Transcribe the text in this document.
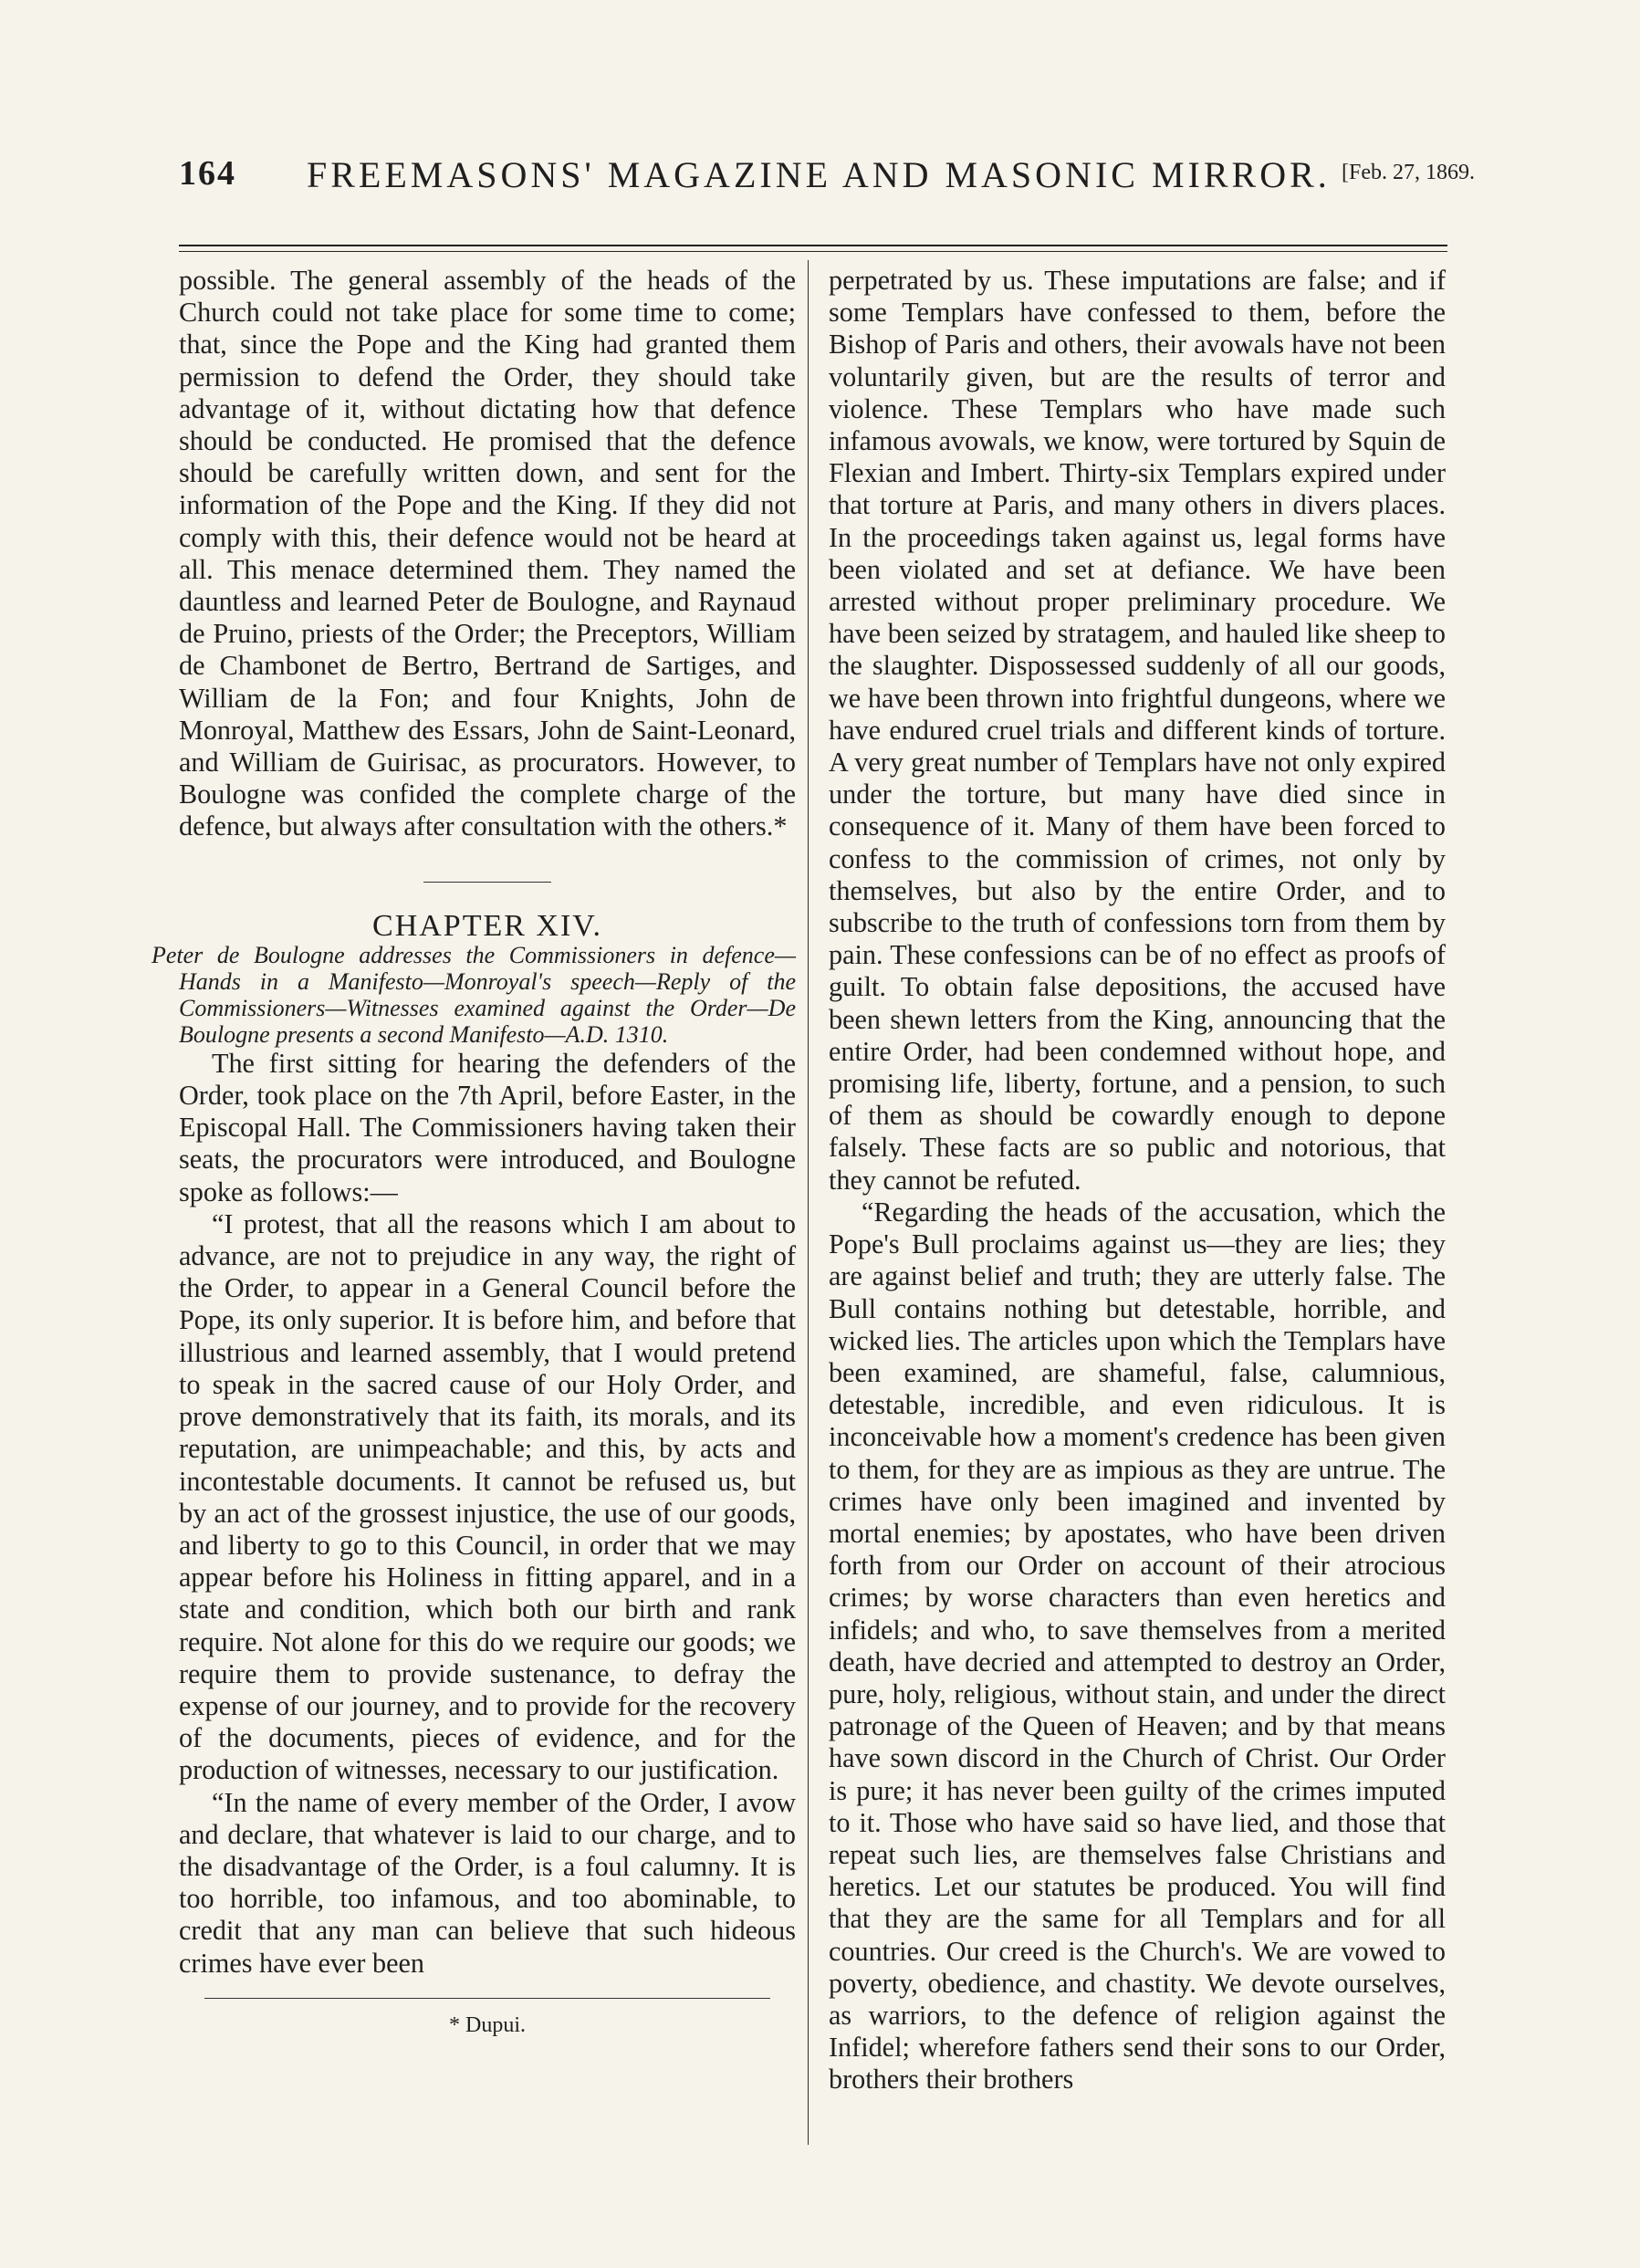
164 FREEMASONS' MAGAZINE AND MASONIC MIRROR. [Feb. 27, 1869.

possible. The general assembly of the heads of the Church could not take place for some time to come; that, since the Pope and the King had granted them permission to defend the Order, they should take advantage of it, without dictating how that defence should be conducted. He promised that the defence should be carefully written down, and sent for the information of the Pope and the King. If they did not comply with this, their defence would not be heard at all. This menace determined them. They named the dauntless and learned Peter de Boulogne, and Raynaud de Pruino, priests of the Order; the Preceptors, William de Chambonet de Bertro, Bertrand de Sartiges, and William de la Fon; and four Knights, John de Monroyal, Matthew des Essars, John de Saint-Leonard, and William de Guirisac, as procurators. However, to Boulogne was confided the complete charge of the defence, but always after consultation with the others.*

CHAPTER XIV.

Peter de Boulogne addresses the Commissioners in defence—Hands in a Manifesto—Monroyal's speech—Reply of the Commissioners—Witnesses examined against the Order—De Boulogne presents a second Manifesto—A.D. 1310.

The first sitting for hearing the defenders of the Order, took place on the 7th April, before Easter, in the Episcopal Hall. The Commissioners having taken their seats, the procurators were introduced, and Boulogne spoke as follows:—

“I protest, that all the reasons which I am about to advance, are not to prejudice in any way, the right of the Order, to appear in a General Council before the Pope, its only superior. It is before him, and before that illustrious and learned assembly, that I would pretend to speak in the sacred cause of our Holy Order, and prove demonstratively that its faith, its morals, and its reputation, are unimpeachable; and this, by acts and incontestable documents. It cannot be refused us, but by an act of the grossest injustice, the use of our goods, and liberty to go to this Council, in order that we may appear before his Holiness in fitting apparel, and in a state and condition, which both our birth and rank require. Not alone for this do we require our goods; we require them to provide sustenance, to defray the expense of our journey, and to provide for the recovery of the documents, pieces of evidence, and for the production of witnesses, necessary to our justification.

“In the name of every member of the Order, I avow and declare, that whatever is laid to our charge, and to the disadvantage of the Order, is a foul calumny. It is too horrible, too infamous, and too abominable, to credit that any man can believe that such hideous crimes have ever been

* Dupui.

perpetrated by us. These imputations are false; and if some Templars have confessed to them, before the Bishop of Paris and others, their avowals have not been voluntarily given, but are the results of terror and violence. These Templars who have made such infamous avowals, we know, were tortured by Squin de Flexian and Imbert. Thirty-six Templars expired under that torture at Paris, and many others in divers places. In the proceedings taken against us, legal forms have been violated and set at defiance. We have been arrested without proper preliminary procedure. We have been seized by stratagem, and hauled like sheep to the slaughter. Dispossessed suddenly of all our goods, we have been thrown into frightful dungeons, where we have endured cruel trials and different kinds of torture. A very great number of Templars have not only expired under the torture, but many have died since in consequence of it. Many of them have been forced to confess to the commission of crimes, not only by themselves, but also by the entire Order, and to subscribe to the truth of confessions torn from them by pain. These confessions can be of no effect as proofs of guilt. To obtain false depositions, the accused have been shewn letters from the King, announcing that the entire Order, had been condemned without hope, and promising life, liberty, fortune, and a pension, to such of them as should be cowardly enough to depone falsely. These facts are so public and notorious, that they cannot be refuted.

“Regarding the heads of the accusation, which the Pope's Bull proclaims against us—they are lies; they are against belief and truth; they are utterly false. The Bull contains nothing but detestable, horrible, and wicked lies. The articles upon which the Templars have been examined, are shameful, false, calumnious, detestable, incredible, and even ridiculous. It is inconceivable how a moment's credence has been given to them, for they are as impious as they are untrue. The crimes have only been imagined and invented by mortal enemies; by apostates, who have been driven forth from our Order on account of their atrocious crimes; by worse characters than even heretics and infidels; and who, to save themselves from a merited death, have decried and attempted to destroy an Order, pure, holy, religious, without stain, and under the direct patronage of the Queen of Heaven; and by that means have sown discord in the Church of Christ. Our Order is pure; it has never been guilty of the crimes imputed to it. Those who have said so have lied, and those that repeat such lies, are themselves false Christians and heretics. Let our statutes be produced. You will find that they are the same for all Templars and for all countries. Our creed is the Church's. We are vowed to poverty, obedience, and chastity. We devote ourselves, as warriors, to the defence of religion against the Infidel; wherefore fathers send their sons to our Order, brothers their brothers
